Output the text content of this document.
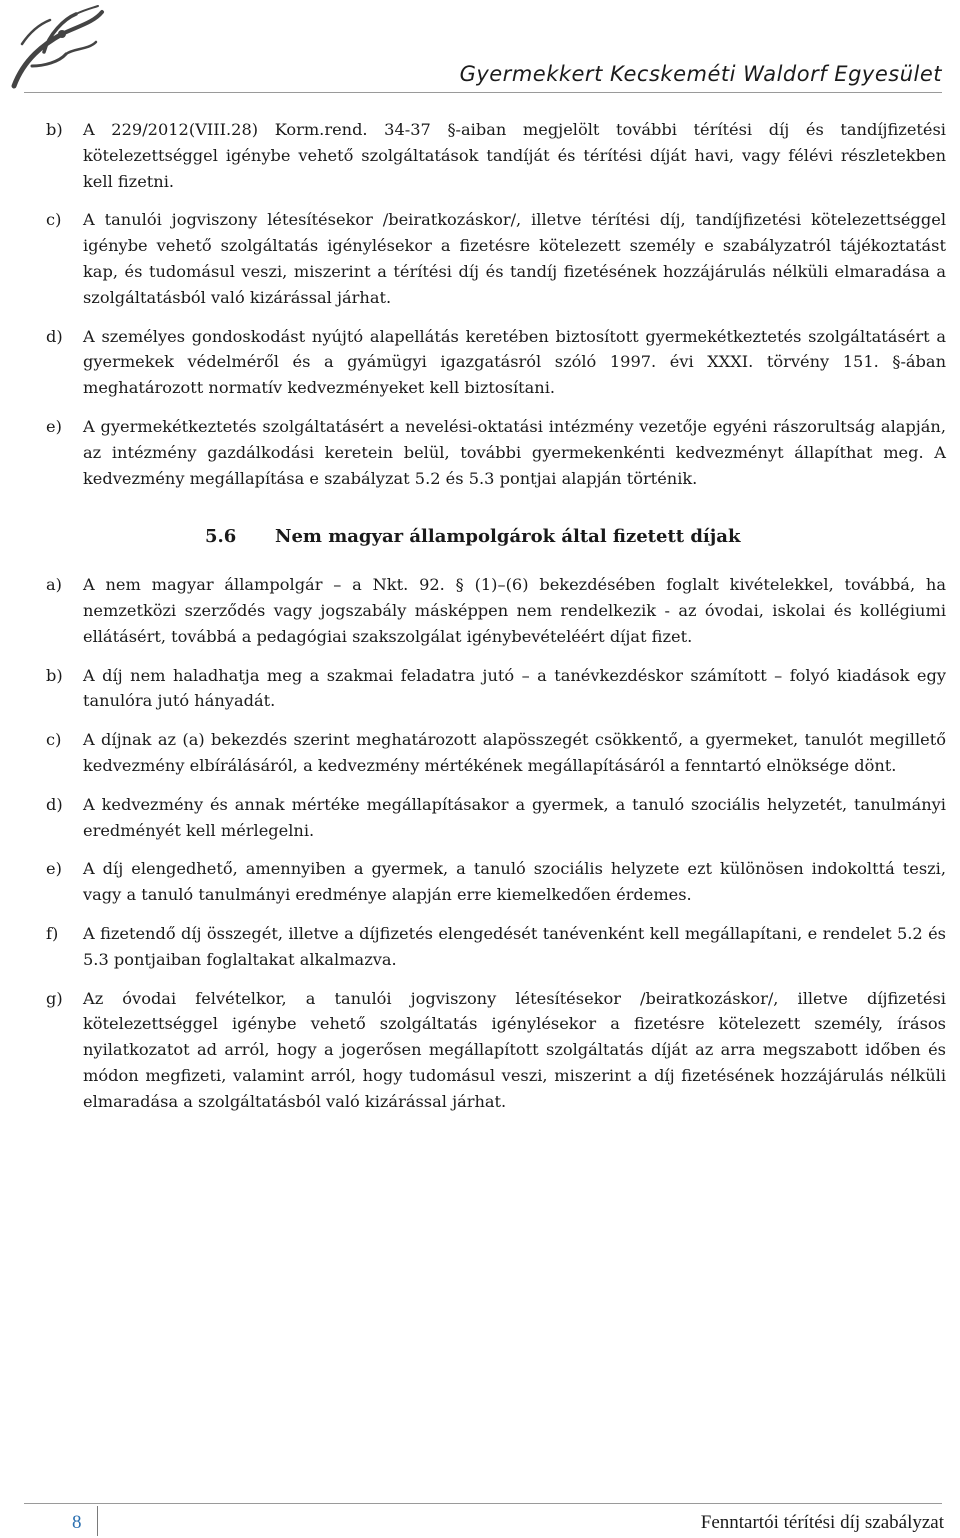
Gyermekkert Kecskeméti Waldorf Egyesület
b)	A 229/2012(VIII.28) Korm.rend. 34-37 §-aiban megjelölt további térítési díj és tandíjfizetési kötelezettséggel igénybe vehető szolgáltatások tandíját és térítési díját havi, vagy félévi részletekben kell fizetni.
c)	A tanulói jogviszony létesítésekor /beiratkozáskor/, illetve térítési díj, tandíjfizetési kötelezettséggel igénybe vehető szolgáltatás igénylésekor a fizetésre kötelezett személy e szabályzatról tájékoztatást kap, és tudomásul veszi, miszerint a térítési díj és tandíj fizetésének hozzájárulás nélküli elmaradása a szolgáltatásból való kizárással járhat.
d)	A személyes gondoskodást nyújtó alapellátás keretében biztosított gyermekétkeztetés szolgáltatásért a gyermekek védelméről és a gyámügyi igazgatásról szóló 1997. évi XXXI. törvény 151. §-ában meghatározott normatív kedvezményeket kell biztosítani.
e)	A gyermekétkeztetés szolgáltatásért a nevelési-oktatási intézmény vezetője egyéni rászorultság alapján, az intézmény gazdálkodási keretein belül, további gyermekenkénti kedvezményt állapíthat meg. A kedvezmény megállapítása e szabályzat 5.2 és 5.3 pontjai alapján történik.
5.6	Nem magyar állampolgárok által fizetett díjak
a)	A nem magyar állampolgár – a Nkt. 92. § (1)–(6) bekezdésében foglalt kivételekkel, továbbá, ha nemzetközi szerződés vagy jogszabály másképpen nem rendelkezik - az óvodai, iskolai és kollégiumi ellátásért, továbbá a pedagógiai szakszolgálat igénybevételéért díjat fizet.
b)	A díj nem haladhatja meg a szakmai feladatra jutó – a tanévkezdéskor számított – folyó kiadások egy tanulóra jutó hányadát.
c)	A díjnak az (a) bekezdés szerint meghatározott alapösszegét csökkentő, a gyermeket, tanulót megillető kedvezmény elbírálásáról, a kedvezmény mértékének megállapításáról a fenntartó elnöksége dönt.
d)	A kedvezmény és annak mértéke megállapításakor a gyermek, a tanuló szociális helyzetét, tanulmányi eredményét kell mérlegelni.
e)	A díj elengedhető, amennyiben a gyermek, a tanuló szociális helyzete ezt különösen indokolttá teszi, vagy a tanuló tanulmányi eredménye alapján erre kiemelkedően érdemes.
f)	A fizetendő díj összegét, illetve a díjfizetés elengedését tanévenként kell megállapítani, e rendelet 5.2 és 5.3 pontjaiban foglaltakat alkalmazva.
g)	Az óvodai felvételkor, a tanulói jogviszony létesítésekor /beiratkozáskor/, illetve díjfizetési kötelezettséggel igénybe vehető szolgáltatás igénylésekor a fizetésre kötelezett személy, írásos nyilatkozatot ad arról, hogy a jogerősen megállapított szolgáltatás díját az arra megszabott időben és módon megfizeti, valamint arról, hogy tudomásul veszi, miszerint a díj fizetésének hozzájárulás nélküli elmaradása a szolgáltatásból való kizárással járhat.
8	Fenntartói térítési díj szabályzat
